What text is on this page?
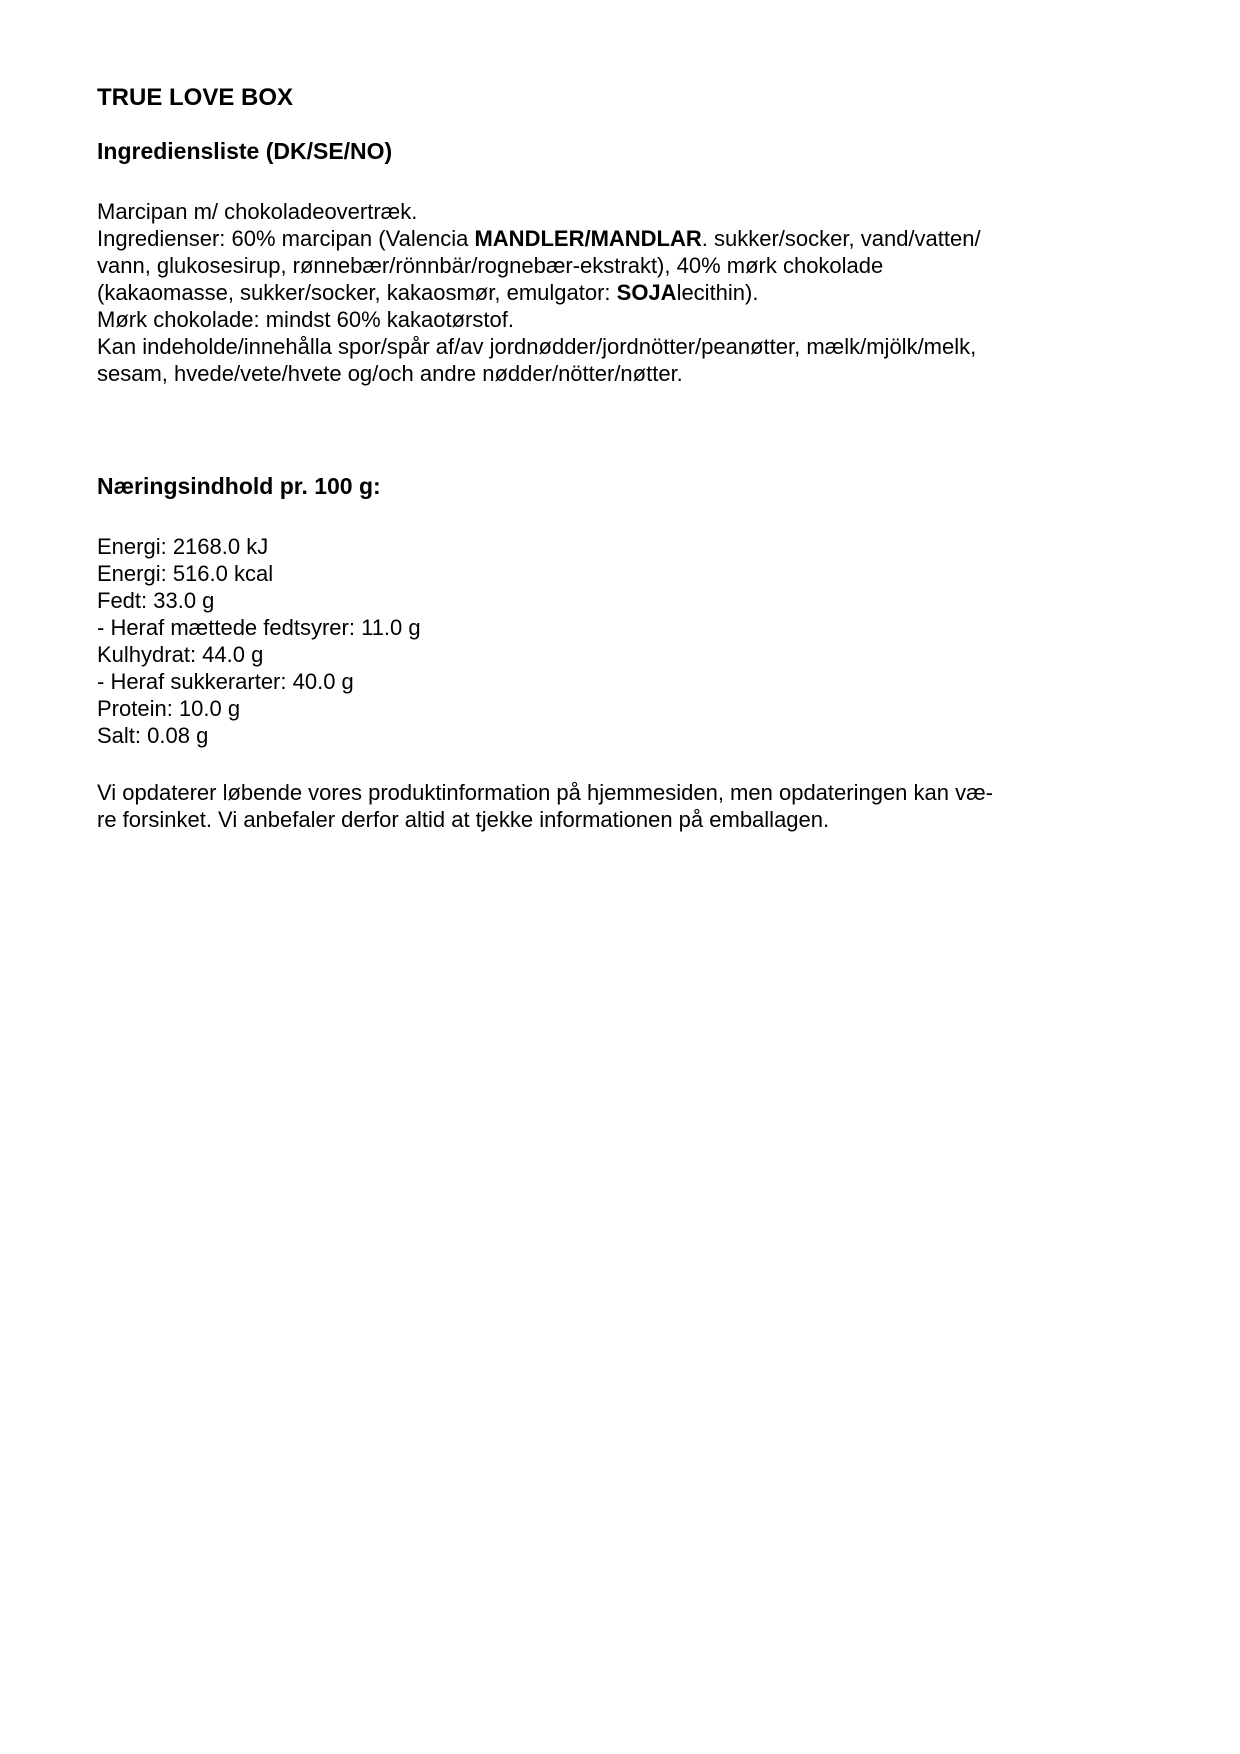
TRUE LOVE BOX
Ingrediensliste (DK/SE/NO)
Marcipan m/ chokoladeovertræk.
Ingredienser: 60% marcipan (Valencia MANDLER/MANDLAR. sukker/socker, vand/vatten/
vann, glukosesirup, rønnebær/rönnbär/rognebær-ekstrakt), 40% mørk chokolade
(kakaomasse, sukker/socker, kakaosmør, emulgator: SOJAlecithin).
Mørk chokolade: mindst 60% kakaotørstof.
Kan indeholde/innehålla spor/spår af/av jordnødder/jordnötter/peanøtter, mælk/mjölk/melk,
sesam, hvede/vete/hvete og/och andre nødder/nötter/nøtter.
Næringsindhold pr. 100 g:
Energi: 2168.0 kJ
Energi: 516.0 kcal
Fedt: 33.0 g
- Heraf mættede fedtsyrer: 11.0 g
Kulhydrat: 44.0 g
- Heraf sukkerarter: 40.0 g
Protein: 10.0 g
Salt: 0.08 g
Vi opdaterer løbende vores produktinformation på hjemmesiden, men opdateringen kan væ-
re forsinket. Vi anbefaler derfor altid at tjekke informationen på emballagen.
